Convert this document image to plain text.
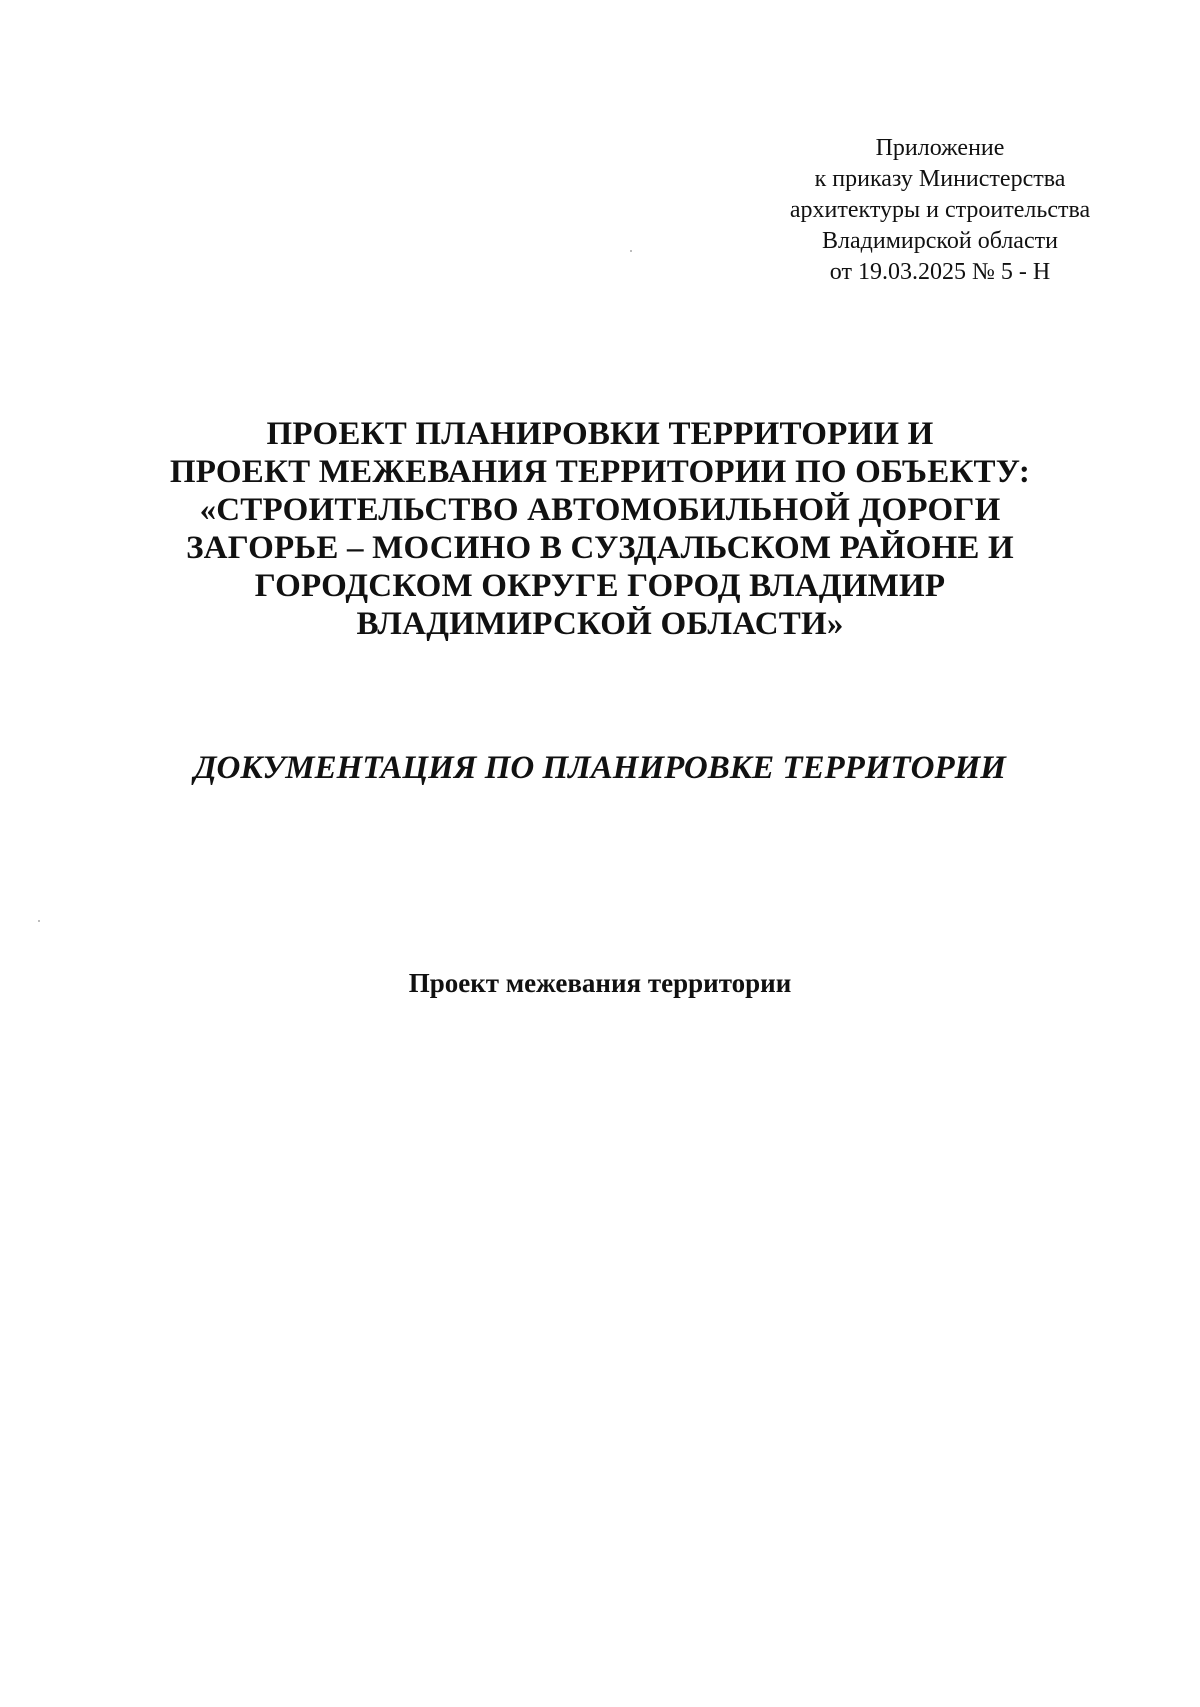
Приложение
к приказу Министерства
архитектуры и строительства
Владимирской области
от 19.03.2025 № 5 - Н
ПРОЕКТ ПЛАНИРОВКИ ТЕРРИТОРИИ И
ПРОЕКТ МЕЖЕВАНИЯ ТЕРРИТОРИИ ПО ОБЪЕКТУ:
«СТРОИТЕЛЬСТВО АВТОМОБИЛЬНОЙ ДОРОГИ
ЗАГОРЬЕ – МОСИНО В СУЗДАЛЬСКОМ РАЙОНЕ И
ГОРОДСКОМ ОКРУГЕ ГОРОД ВЛАДИМИР
ВЛАДИМИРСКОЙ ОБЛАСТИ»
ДОКУМЕНТАЦИЯ ПО ПЛАНИРОВКЕ ТЕРРИТОРИИ
Проект межевания территории
